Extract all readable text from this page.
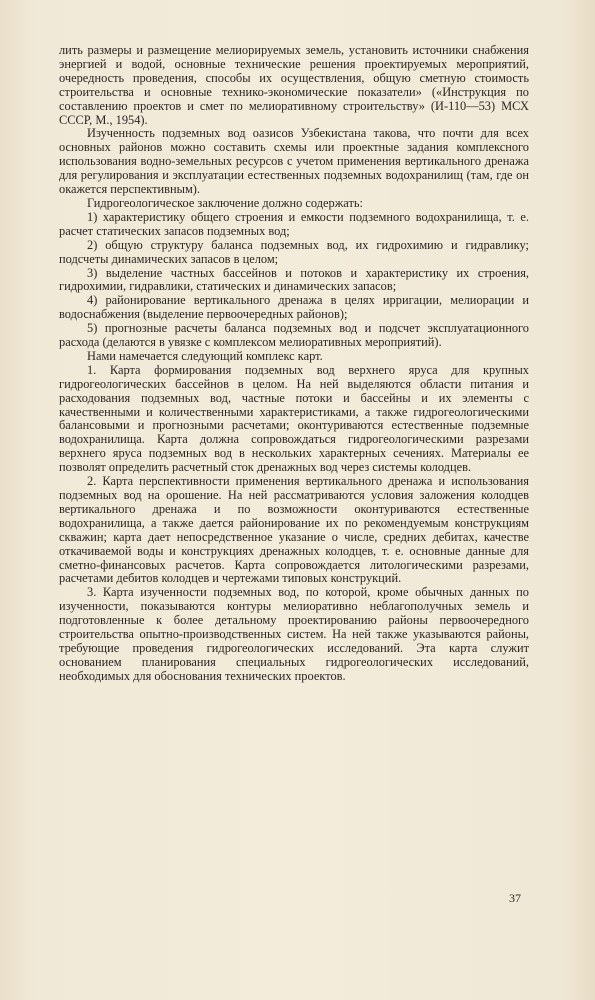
лить размеры и размещение мелиорируемых земель, установить источники снабжения энергией и водой, основные технические решения проектируемых мероприятий, очередность проведения, способы их осуществления, общую сметную стоимость строительства и основные технико-экономические показатели» («Инструкция по составлению проектов и смет по мелиоративному строительству» (И-110—53) МСХ СССР, М., 1954).

Изученность подземных вод оазисов Узбекистана такова, что почти для всех основных районов можно составить схемы или проектные задания комплексного использования водно-земельных ресурсов с учетом применения вертикального дренажа для регулирования и эксплуатации естественных подземных водохранилищ (там, где он окажется перспективным).

Гидрогеологическое заключение должно содержать:

1) характеристику общего строения и емкости подземного водохранилища, т. е. расчет статических запасов подземных вод;

2) общую структуру баланса подземных вод, их гидрохимию и гидравлику; подсчеты динамических запасов в целом;

3) выделение частных бассейнов и потоков и характеристику их строения, гидрохимии, гидравлики, статических и динамических запасов;

4) районирование вертикального дренажа в целях ирригации, мелиорации и водоснабжения (выделение первоочередных районов);

5) прогнозные расчеты баланса подземных вод и подсчет эксплуатационного расхода (делаются в увязке с комплексом мелиоративных мероприятий).

Нами намечается следующий комплекс карт.

1. Карта формирования подземных вод верхнего яруса для крупных гидрогеологических бассейнов в целом. На ней выделяются области питания и расходования подземных вод, частные потоки и бассейны и их элементы с качественными и количественными характеристиками, а также гидрогеологическими балансовыми и прогнозными расчетами; оконтуриваются естественные подземные водохранилища. Карта должна сопровождаться гидрогеологическими разрезами верхнего яруса подземных вод в нескольких характерных сечениях. Материалы ее позволят определить расчетный сток дренажных вод через системы колодцев.

2. Карта перспективности применения вертикального дренажа и использования подземных вод на орошение. На ней рассматриваются условия заложения колодцев вертикального дренажа и по возможности оконтуриваются естественные водохранилища, а также дается районирование их по рекомендуемым конструкциям скважин; карта дает непосредственное указание о числе, средних дебитах, качестве откачиваемой воды и конструкциях дренажных колодцев, т. е. основные данные для сметно-финансовых расчетов. Карта сопровождается литологическими разрезами, расчетами дебитов колодцев и чертежами типовых конструкций.

3. Карта изученности подземных вод, по которой, кроме обычных данных по изученности, показываются контуры мелиоративно неблагополучных земель и подготовленные к более детальному проектированию районы первоочередного строительства опытно-производственных систем. На ней также указываются районы, требующие проведения гидрогеологических исследований. Эта карта служит основанием планирования специальных гидрогеологических исследований, необходимых для обоснования технических проектов.

37
